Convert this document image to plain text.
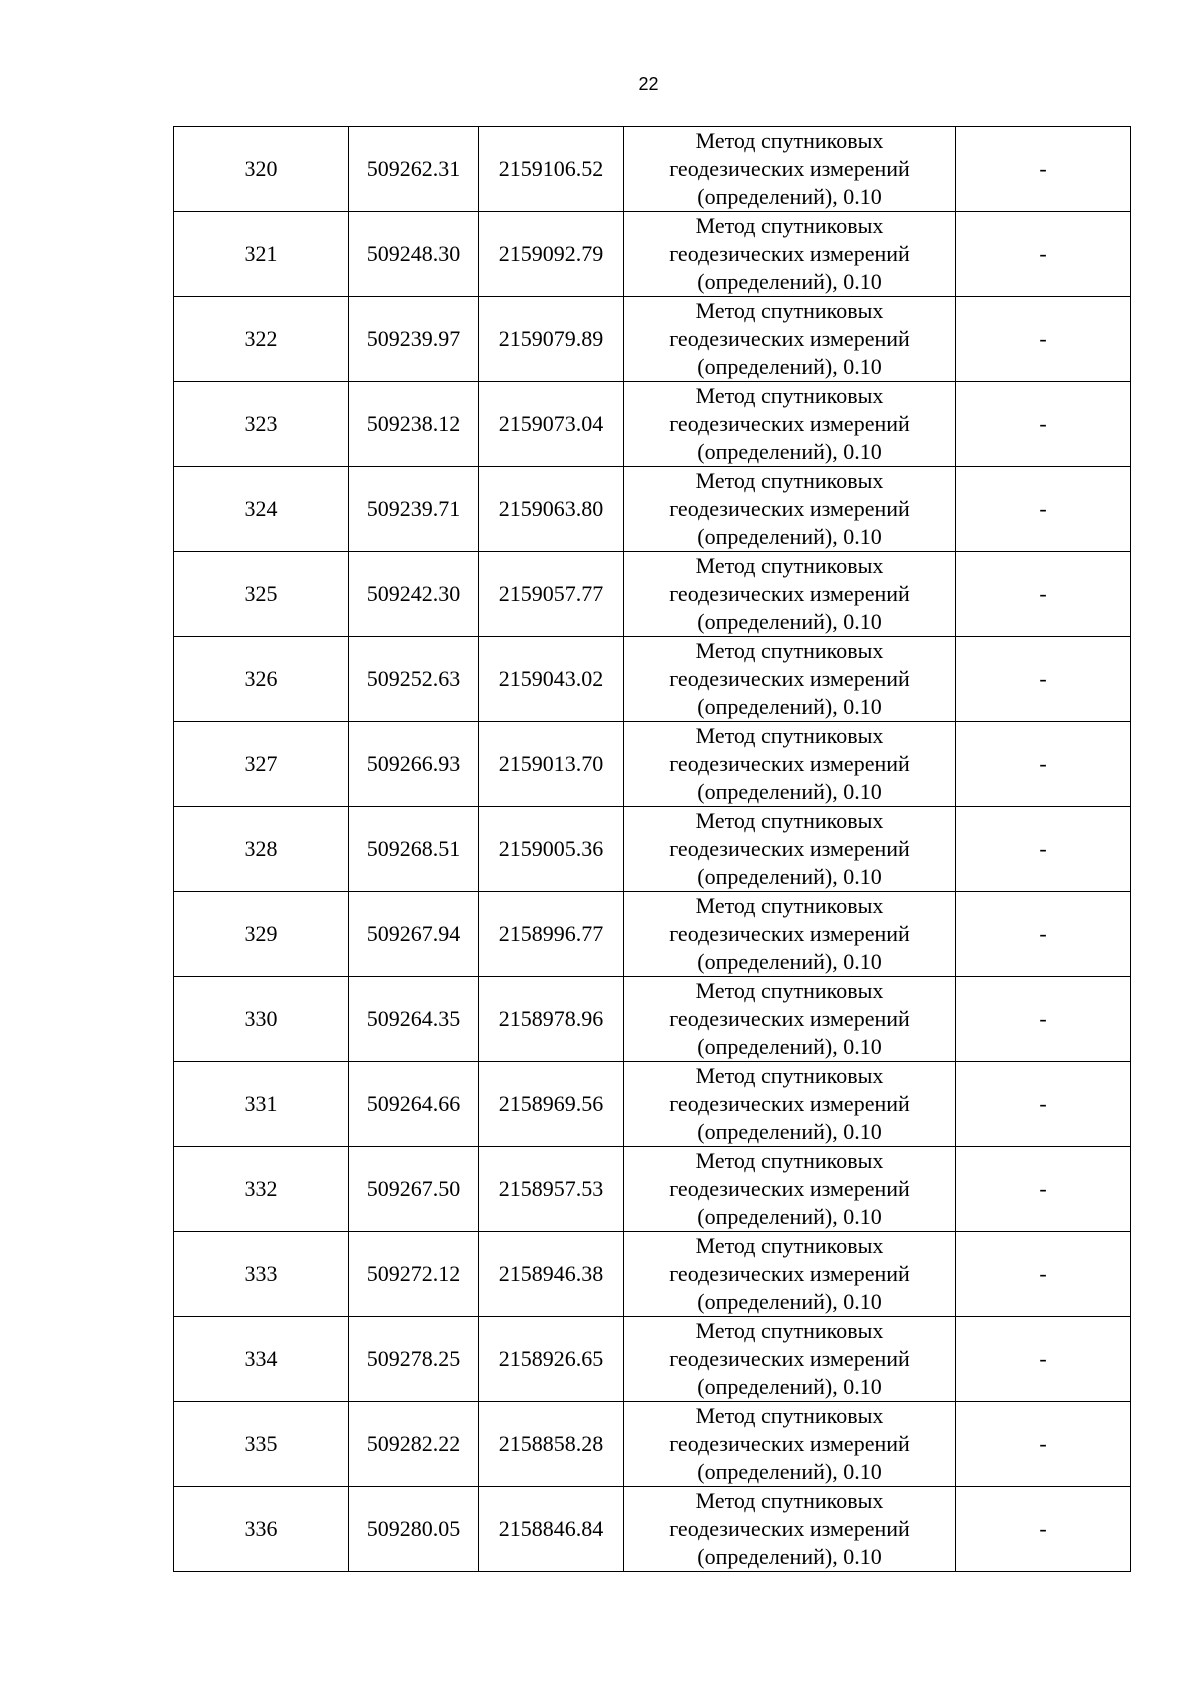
22
320	509262.31	2159106.52	Метод спутниковых
геодезических измерений
(определений), 0.10	-
321	509248.30	2159092.79	Метод спутниковых
геодезических измерений
(определений), 0.10	-
322	509239.97	2159079.89	Метод спутниковых
геодезических измерений
(определений), 0.10	-
323	509238.12	2159073.04	Метод спутниковых
геодезических измерений
(определений), 0.10	-
324	509239.71	2159063.80	Метод спутниковых
геодезических измерений
(определений), 0.10	-
325	509242.30	2159057.77	Метод спутниковых
геодезических измерений
(определений), 0.10	-
326	509252.63	2159043.02	Метод спутниковых
геодезических измерений
(определений), 0.10	-
327	509266.93	2159013.70	Метод спутниковых
геодезических измерений
(определений), 0.10	-
328	509268.51	2159005.36	Метод спутниковых
геодезических измерений
(определений), 0.10	-
329	509267.94	2158996.77	Метод спутниковых
геодезических измерений
(определений), 0.10	-
330	509264.35	2158978.96	Метод спутниковых
геодезических измерений
(определений), 0.10	-
331	509264.66	2158969.56	Метод спутниковых
геодезических измерений
(определений), 0.10	-
332	509267.50	2158957.53	Метод спутниковых
геодезических измерений
(определений), 0.10	-
333	509272.12	2158946.38	Метод спутниковых
геодезических измерений
(определений), 0.10	-
334	509278.25	2158926.65	Метод спутниковых
геодезических измерений
(определений), 0.10	-
335	509282.22	2158858.28	Метод спутниковых
геодезических измерений
(определений), 0.10	-
336	509280.05	2158846.84	Метод спутниковых
геодезических измерений
(определений), 0.10	-
